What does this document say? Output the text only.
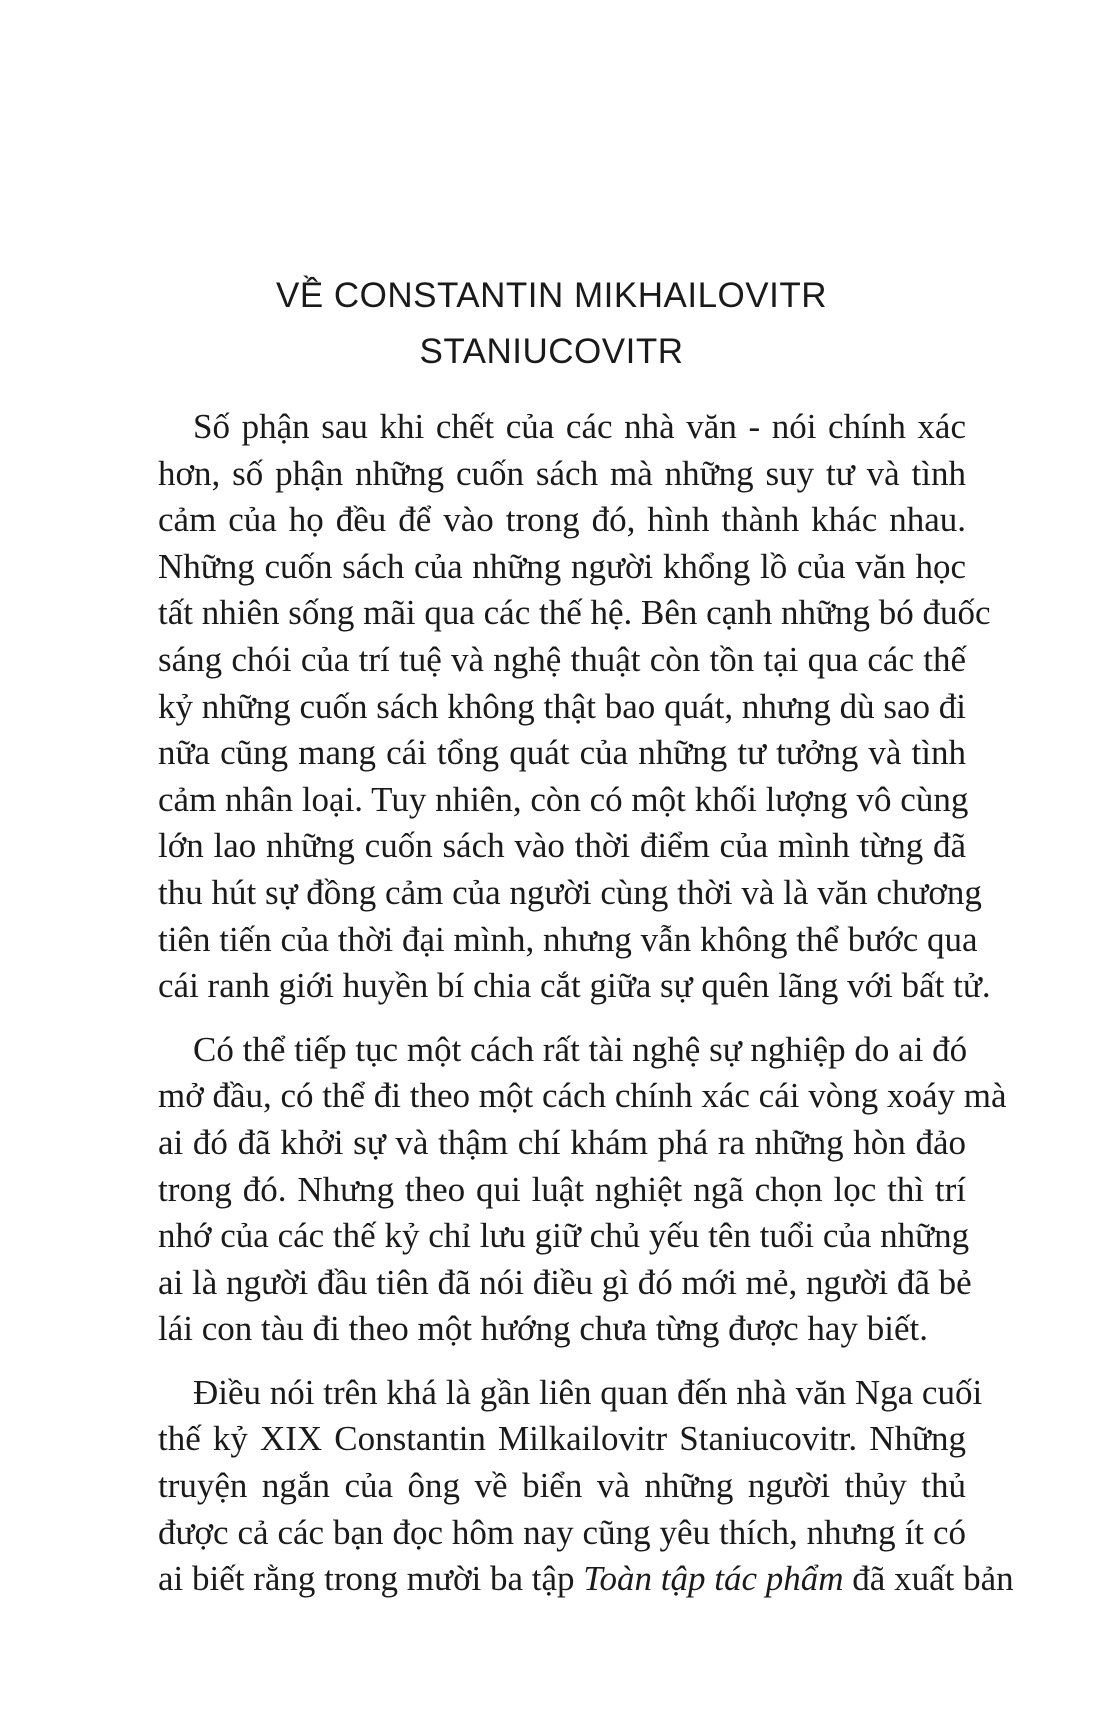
VỀ CONSTANTIN MIKHAILOVITR
STANIUCOVITR
Số phận sau khi chết của các nhà văn - nói chính xác
hơn, số phận những cuốn sách mà những suy tư và tình
cảm của họ đều để vào trong đó, hình thành khác nhau.
Những cuốn sách của những người khổng lồ của văn học
tất nhiên sống mãi qua các thế hệ. Bên cạnh những bó đuốc
sáng chói của trí tuệ và nghệ thuật còn tồn tại qua các thế
kỷ những cuốn sách không thật bao quát, nhưng dù sao đi
nữa cũng mang cái tổng quát của những tư tưởng và tình
cảm nhân loại. Tuy nhiên, còn có một khối lượng vô cùng
lớn lao những cuốn sách vào thời điểm của mình từng đã
thu hút sự đồng cảm của người cùng thời và là văn chương
tiên tiến của thời đại mình, nhưng vẫn không thể bước qua
cái ranh giới huyền bí chia cắt giữa sự quên lãng với bất tử.
Có thể tiếp tục một cách rất tài nghệ sự nghiệp do ai đó
mở đầu, có thể đi theo một cách chính xác cái vòng xoáy mà
ai đó đã khởi sự và thậm chí khám phá ra những hòn đảo
trong đó. Nhưng theo qui luật nghiệt ngã chọn lọc thì trí
nhớ của các thế kỷ chỉ lưu giữ chủ yếu tên tuổi của những
ai là người đầu tiên đã nói điều gì đó mới mẻ, người đã bẻ
lái con tàu đi theo một hướng chưa từng được hay biết.
Điều nói trên khá là gần liên quan đến nhà văn Nga cuối
thế kỷ XIX Constantin Milkailovitr Staniucovitr. Những
truyện ngắn của ông về biển và những người thủy thủ
được cả các bạn đọc hôm nay cũng yêu thích, nhưng ít có
ai biết rằng trong mười ba tập Toàn tập tác phẩm đã xuất bản
